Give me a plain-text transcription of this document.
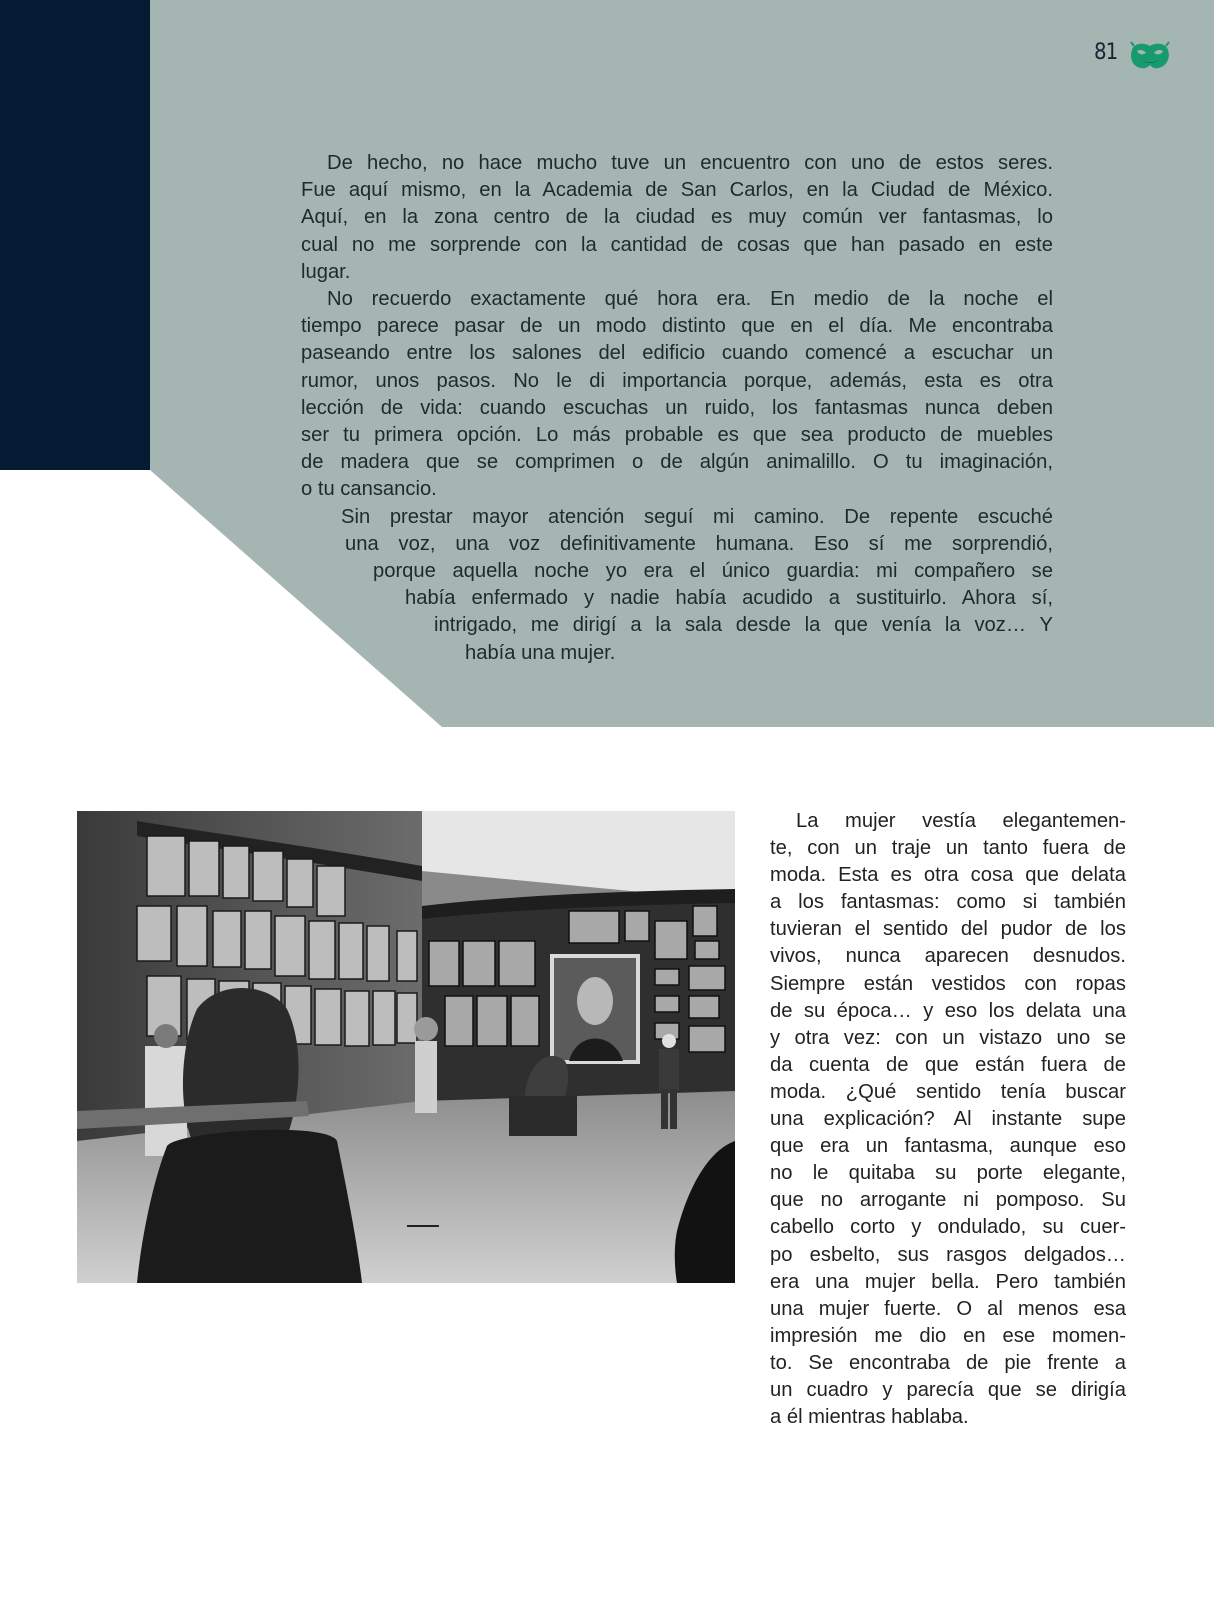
81
De hecho, no hace mucho tuve un encuentro con uno de estos seres.
Fue aquí mismo, en la Academia de San Carlos, en la Ciudad de México.
Aquí, en la zona centro de la ciudad es muy común ver fantasmas, lo
cual no me sorprende con la cantidad de cosas que han pasado en este
lugar.
No recuerdo exactamente qué hora era. En medio de la noche el
tiempo parece pasar de un modo distinto que en el día. Me encontraba
paseando entre los salones del edificio cuando comencé a escuchar un
rumor, unos pasos. No le di importancia porque, además, esta es otra
lección de vida: cuando escuchas un ruido, los fantasmas nunca deben
ser tu primera opción. Lo más probable es que sea producto de muebles
de madera que se comprimen o de algún animalillo. O tu imaginación,
o tu cansancio.
Sin prestar mayor atención seguí mi camino. De repente escuché
una voz, una voz definitivamente humana. Eso sí me sorprendió,
porque aquella noche yo era el único guardia: mi compañero se
había enfermado y nadie había acudido a sustituirlo. Ahora sí,
intrigado, me dirigí a la sala desde la que venía la voz… Y
había una mujer.
La mujer vestía elegantemen-
te, con un traje un tanto fuera de
moda. Esta es otra cosa que delata
a los fantasmas: como si también
tuvieran el sentido del pudor de los
vivos, nunca aparecen desnudos.
Siempre están vestidos con ropas
de su época… y eso los delata una
y otra vez: con un vistazo uno se
da cuenta de que están fuera de
moda. ¿Qué sentido tenía buscar
una explicación? Al instante supe
que era un fantasma, aunque eso
no le quitaba su porte elegante,
que no arrogante ni pomposo. Su
cabello corto y ondulado, su cuer-
po esbelto, sus rasgos delgados…
era una mujer bella. Pero también
una mujer fuerte. O al menos esa
impresión me dio en ese momen-
to. Se encontraba de pie frente a
un cuadro y parecía que se dirigía
a él mientras hablaba.
